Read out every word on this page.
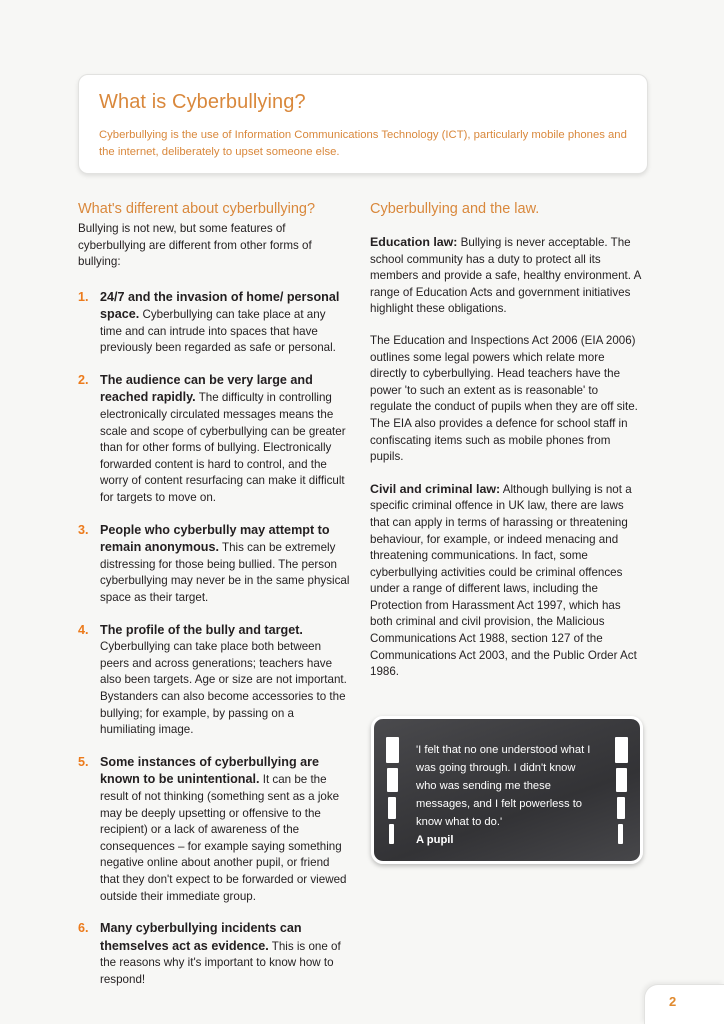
What is Cyberbullying?
Cyberbullying is the use of Information Communications Technology (ICT), particularly mobile phones and the internet, deliberately to upset someone else.
What's different about cyberbullying?
Bullying is not new, but some features of cyberbullying are different from other forms of bullying:
1. 24/7 and the invasion of home/ personal space. Cyberbullying can take place at any time and can intrude into spaces that have previously been regarded as safe or personal.
2. The audience can be very large and reached rapidly. The difficulty in controlling electronically circulated messages means the scale and scope of cyberbullying can be greater than for other forms of bullying. Electronically forwarded content is hard to control, and the worry of content resurfacing can make it difficult for targets to move on.
3. People who cyberbully may attempt to remain anonymous. This can be extremely distressing for those being bullied. The person cyberbullying may never be in the same physical space as their target.
4. The profile of the bully and target. Cyberbullying can take place both between peers and across generations; teachers have also been targets. Age or size are not important. Bystanders can also become accessories to the bullying; for example, by passing on a humiliating image.
5. Some instances of cyberbullying are known to be unintentional. It can be the result of not thinking (something sent as a joke may be deeply upsetting or offensive to the recipient) or a lack of awareness of the consequences – for example saying something negative online about another pupil, or friend that they don't expect to be forwarded or viewed outside their immediate group.
6. Many cyberbullying incidents can themselves act as evidence. This is one of the reasons why it's important to know how to respond!
Cyberbullying and the law.
Education law: Bullying is never acceptable. The school community has a duty to protect all its members and provide a safe, healthy environment. A range of Education Acts and government initiatives highlight these obligations.
The Education and Inspections Act 2006 (EIA 2006) outlines some legal powers which relate more directly to cyberbullying. Head teachers have the power 'to such an extent as is reasonable' to regulate the conduct of pupils when they are off site. The EIA also provides a defence for school staff in confiscating items such as mobile phones from pupils.
Civil and criminal law: Although bullying is not a specific criminal offence in UK law, there are laws that can apply in terms of harassing or threatening behaviour, for example, or indeed menacing and threatening communications. In fact, some cyberbullying activities could be criminal offences under a range of different laws, including the Protection from Harassment Act 1997, which has both criminal and civil provision, the Malicious Communications Act 1988, section 127 of the Communications Act 2003, and the Public Order Act 1986.
'I felt that no one understood what I was going through. I didn't know who was sending me these messages, and I felt powerless to know what to do.'
A pupil
2
